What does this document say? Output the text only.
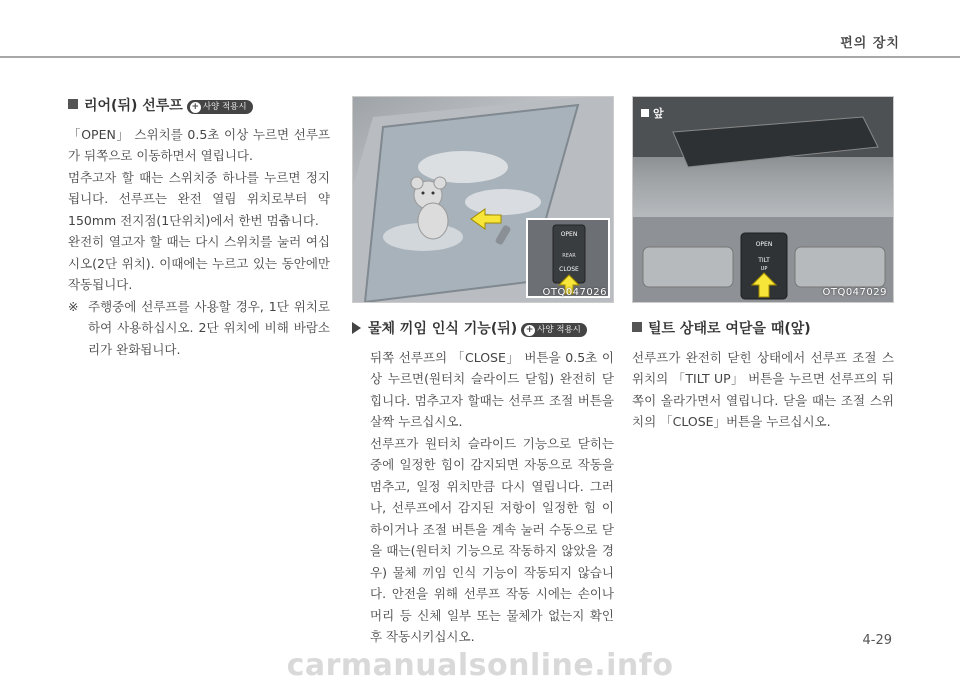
편의 장치
리어(뒤) 선루프 + 사양 적용시

「OPEN」 스위치를 0.5초 이상 누르면 선루프가 뒤쪽으로 이동하면서 열립니다.

멈추고자 할 때는 스위치중 하나를 누르면 정지됩니다. 선루프는 완전 열림 위치로부터 약 150mm 전지점(1단위치)에서 한번 멈춥니다.

완전히 열고자 할 때는 다시 스위치를 눌러 여십시오(2단 위치). 이때에는 누르고 있는 동안에만 작동됩니다.

※ 주행중에 선루프를 사용할 경우, 1단 위치로 하여 사용하십시오. 2단 위치에 비해 바람소리가 완화됩니다.

OPEN
REAR
CLOSE
OTQ047026
OPEN
TILT
UP
앞
OTQ047029
물체 끼임 인식 기능(뒤) + 사양 적용시

뒤쪽 선루프의 「CLOSE」 버튼을 0.5초 이상 누르면(원터치 슬라이드 닫힘) 완전히 닫힙니다. 멈추고자 할때는 선루프 조절 버튼을 살짝 누르십시오.

선루프가 원터치 슬라이드 기능으로 닫히는 중에 일정한 힘이 감지되면 자동으로 작동을 멈추고, 일정 위치만큼 다시 열립니다. 그러나, 선루프에서 감지된 저항이 일정한 힘 이하이거나 조절 버튼을 계속 눌러 수동으로 닫을 때는(원터치 기능으로 작동하지 않았을 경우) 물체 끼임 인식 기능이 작동되지 않습니다. 안전을 위해 선루프 작동 시에는 손이나 머리 등 신체 일부 또는 물체가 없는지 확인 후 작동시키십시오.

틸트 상태로 여닫을 때(앞)

선루프가 완전히 닫힌 상태에서 선루프 조절 스위치의 「TILT UP」 버튼을 누르면 선루프의 뒤쪽이 올라가면서 열립니다. 닫을 때는 조절 스위치의 「CLOSE」버튼을 누르십시오.

4-29
carmanualsonline.info
